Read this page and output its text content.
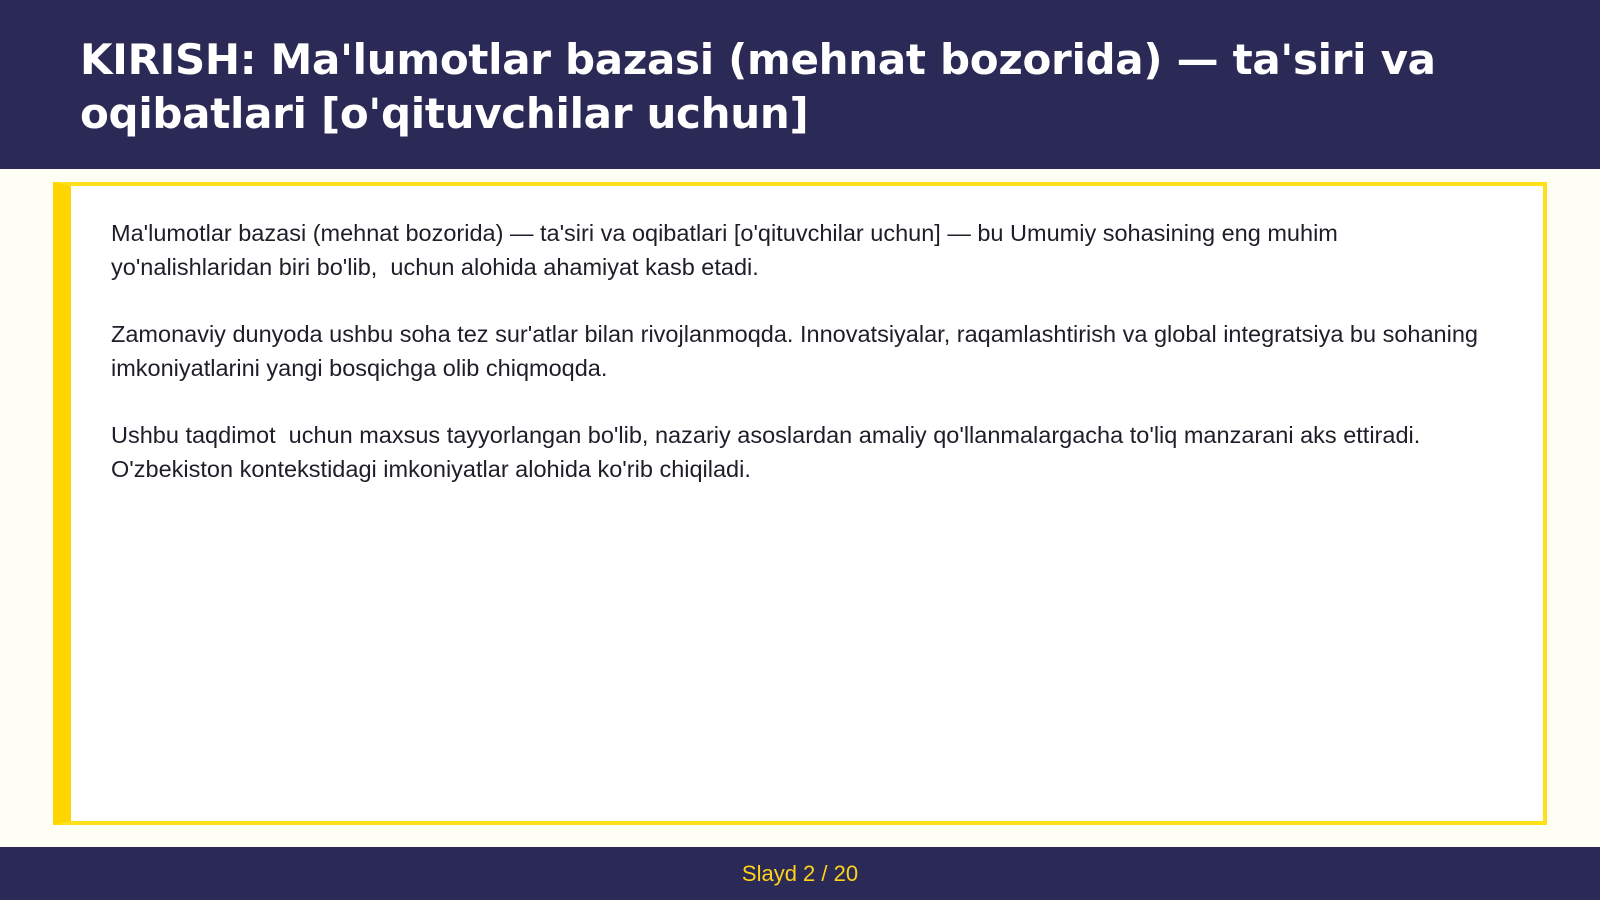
KIRISH: Ma'lumotlar bazasi (mehnat bozorida) — ta'siri va oqibatlari [o'qituvchilar uchun]

Ma'lumotlar bazasi (mehnat bozorida) — ta'siri va oqibatlari [o'qituvchilar uchun] — bu Umumiy sohasining eng muhim yo'nalishlaridan biri bo'lib,  uchun alohida ahamiyat kasb etadi.

Zamonaviy dunyoda ushbu soha tez sur'atlar bilan rivojlanmoqda. Innovatsiyalar, raqamlashtirish va global integratsiya bu sohaning imkoniyatlarini yangi bosqichga olib chiqmoqda.

Ushbu taqdimot  uchun maxsus tayyorlangan bo'lib, nazariy asoslardan amaliy qo'llanmalargacha to'liq manzarani aks ettiradi. O'zbekiston kontekstidagi imkoniyatlar alohida ko'rib chiqiladi.

Slayd 2 / 20
